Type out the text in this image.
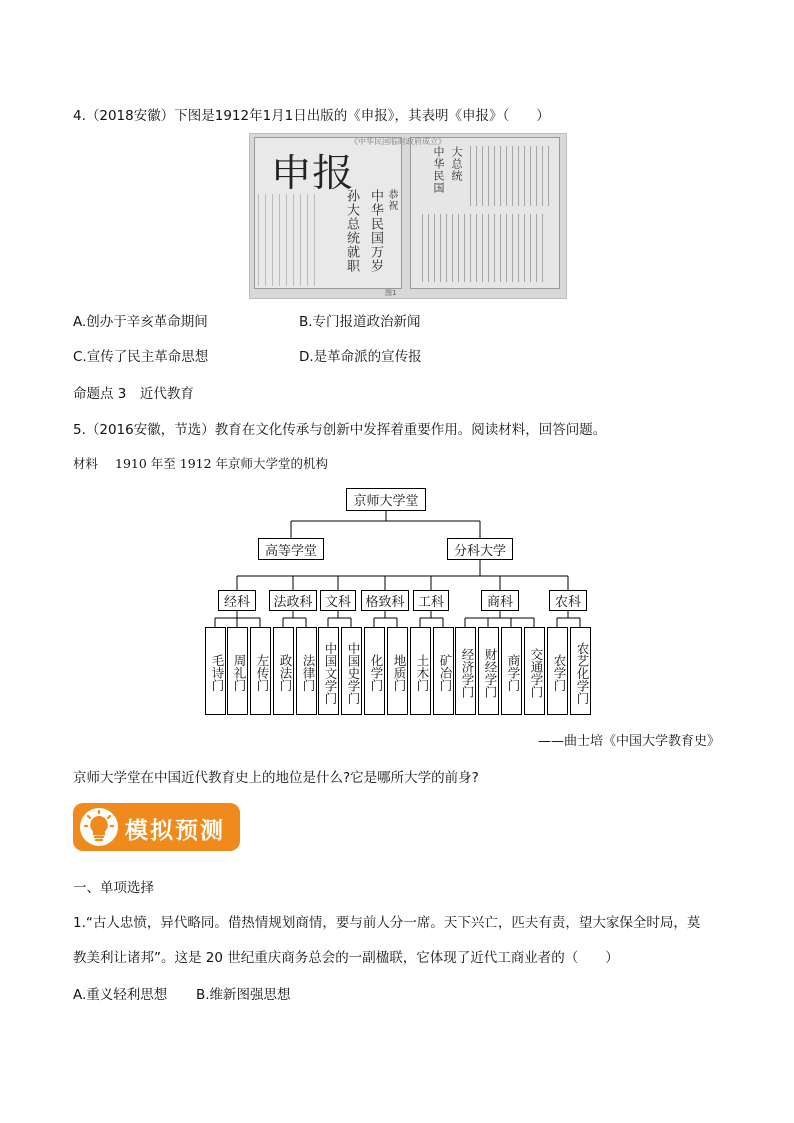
4.（2018安徽）下图是1912年1月1日出版的《申报》，其表明《申报》（　　）
《中华民国临时政府成立》
申报
孙大总统就职 中华民国万岁 恭祝
中华民国 大总统
图1
A.创办于辛亥革命期间	B.专门报道政治新闻
C.宣传了民主革命思想	D.是革命派的宣传报
命题点 3　近代教育
5.（2016安徽，节选）教育在文化传承与创新中发挥着重要作用。阅读材料，回答问题。
材料 1910 年至 1912 年京师大学堂的机构
京师大学堂
高等学堂	分科大学
经科	法政科 文科	格致科	工科	商科	农科
毛诗门 周礼门 左传门 政法门 法律门 中国文学门 中国史学门 化学门 地质门 土木门 矿冶门 经济学门 财经学门 商学门 交通学门 农学门 农艺化学门
——曲士培《中国大学教育史》
京师大学堂在中国近代教育史上的地位是什么?它是哪所大学的前身?
模拟预测
一、单项选择
1.“古人忠愤，异代略同。借热情规划商情，要与前人分一席。天下兴亡，匹夫有责，望大家保全时局，莫
教美利让诸邦”。这是 20 世纪重庆商务总会的一副楹联，它体现了近代工商业者的（　　）
A.重义轻利思想 B.维新图强思想
